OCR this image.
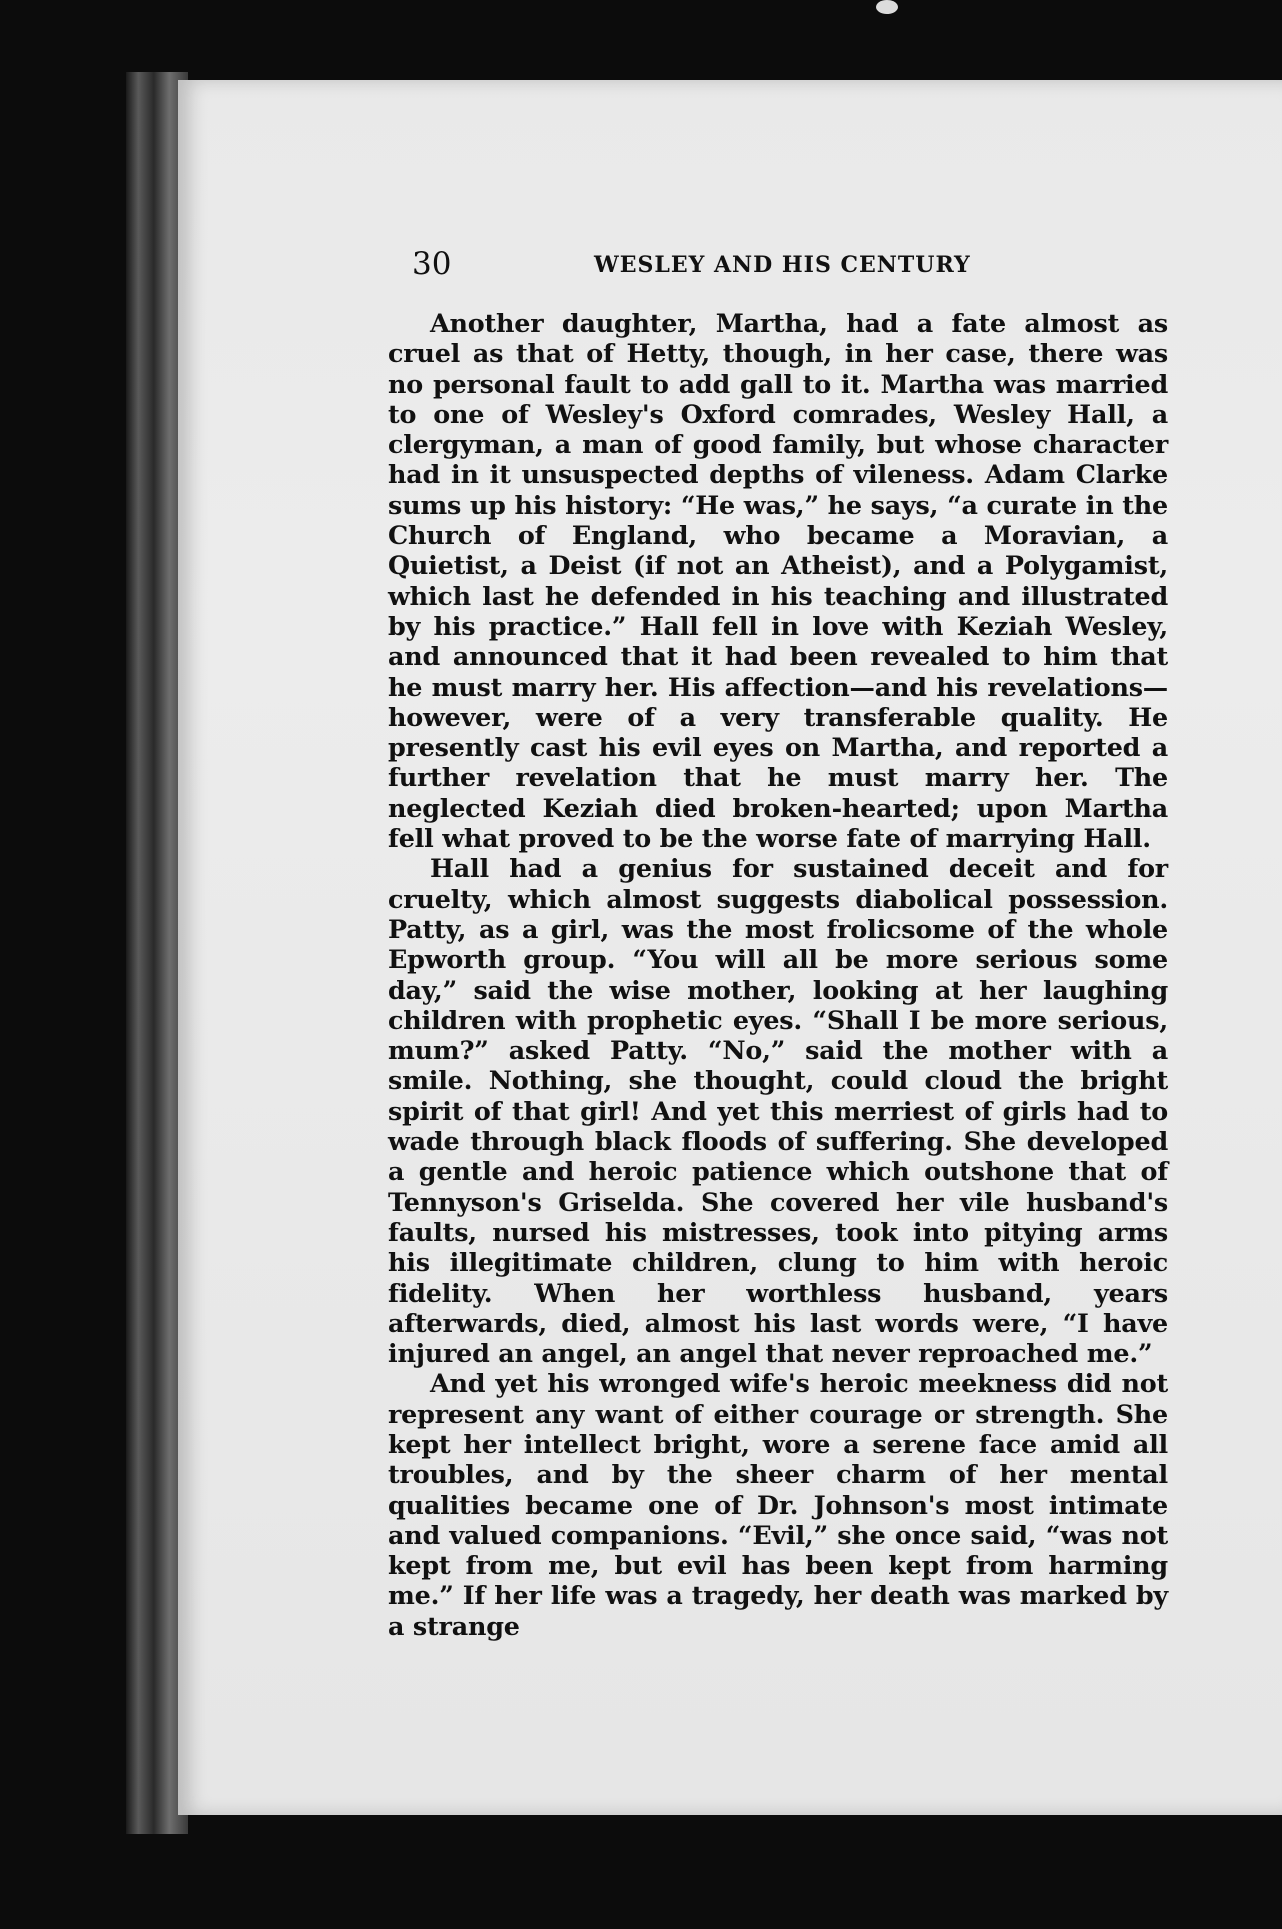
30	WESLEY AND HIS CENTURY

Another daughter, Martha, had a fate almost as cruel as that of Hetty, though, in her case, there was no personal fault to add gall to it. Martha was married to one of Wesley's Oxford comrades, Wesley Hall, a clergyman, a man of good family, but whose character had in it unsuspected depths of vileness. Adam Clarke sums up his history: “He was,” he says, “a curate in the Church of England, who became a Moravian, a Quietist, a Deist (if not an Atheist), and a Polygamist, which last he defended in his teaching and illustrated by his practice.” Hall fell in love with Keziah Wesley, and announced that it had been revealed to him that he must marry her. His affection—and his revelations—however, were of a very transferable quality. He presently cast his evil eyes on Martha, and reported a further revelation that he must marry her. The neglected Keziah died broken-hearted; upon Martha fell what proved to be the worse fate of marrying Hall.

Hall had a genius for sustained deceit and for cruelty, which almost suggests diabolical possession. Patty, as a girl, was the most frolicsome of the whole Epworth group. “You will all be more serious some day,” said the wise mother, looking at her laughing children with prophetic eyes. “Shall I be more serious, mum?” asked Patty. “No,” said the mother with a smile. Nothing, she thought, could cloud the bright spirit of that girl! And yet this merriest of girls had to wade through black floods of suffering. She developed a gentle and heroic patience which outshone that of Tennyson's Griselda. She covered her vile husband's faults, nursed his mistresses, took into pitying arms his illegitimate children, clung to him with heroic fidelity. When her worthless husband, years afterwards, died, almost his last words were, “I have injured an angel, an angel that never reproached me.”

And yet his wronged wife's heroic meekness did not represent any want of either courage or strength. She kept her intellect bright, wore a serene face amid all troubles, and by the sheer charm of her mental qualities became one of Dr. Johnson's most intimate and valued companions. “Evil,” she once said, “was not kept from me, but evil has been kept from harming me.” If her life was a tragedy, her death was marked by a strange
